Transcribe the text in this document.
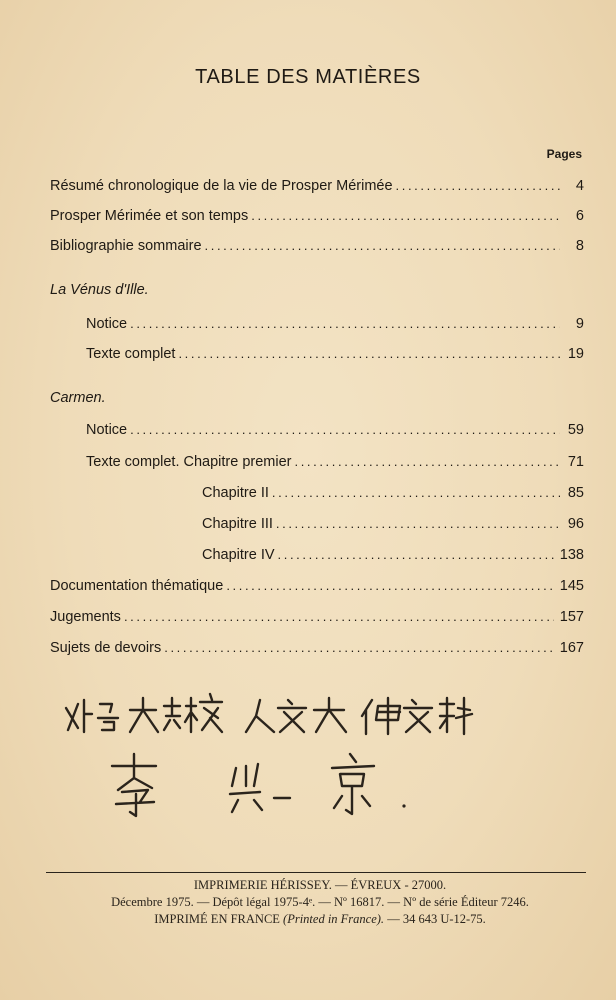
TABLE DES MATIÈRES
Pages
Résumé chronologique de la vie de Prosper Mérimée .....	4
Prosper Mérimée et son temps .....	6
Bibliographie sommaire .....	8
La Vénus d'Ille.
Notice .....	9
Texte complet .....	19
Carmen.
Notice .....	59
Texte complet. Chapitre premier .....	71
Chapitre II .....	85
Chapitre III .....	96
Chapitre IV .....	138
Documentation thématique .....	145
Jugements .....	157
Sujets de devoirs .....	167
IMPRIMERIE HÉRISSEY. — ÉVREUX - 27000.
Décembre 1975. — Dépôt légal 1975-4ᵉ. — Nº 16817. — Nº de série Éditeur 7246.
IMPRIMÉ EN FRANCE (Printed in France). — 34 643 U-12-75.
